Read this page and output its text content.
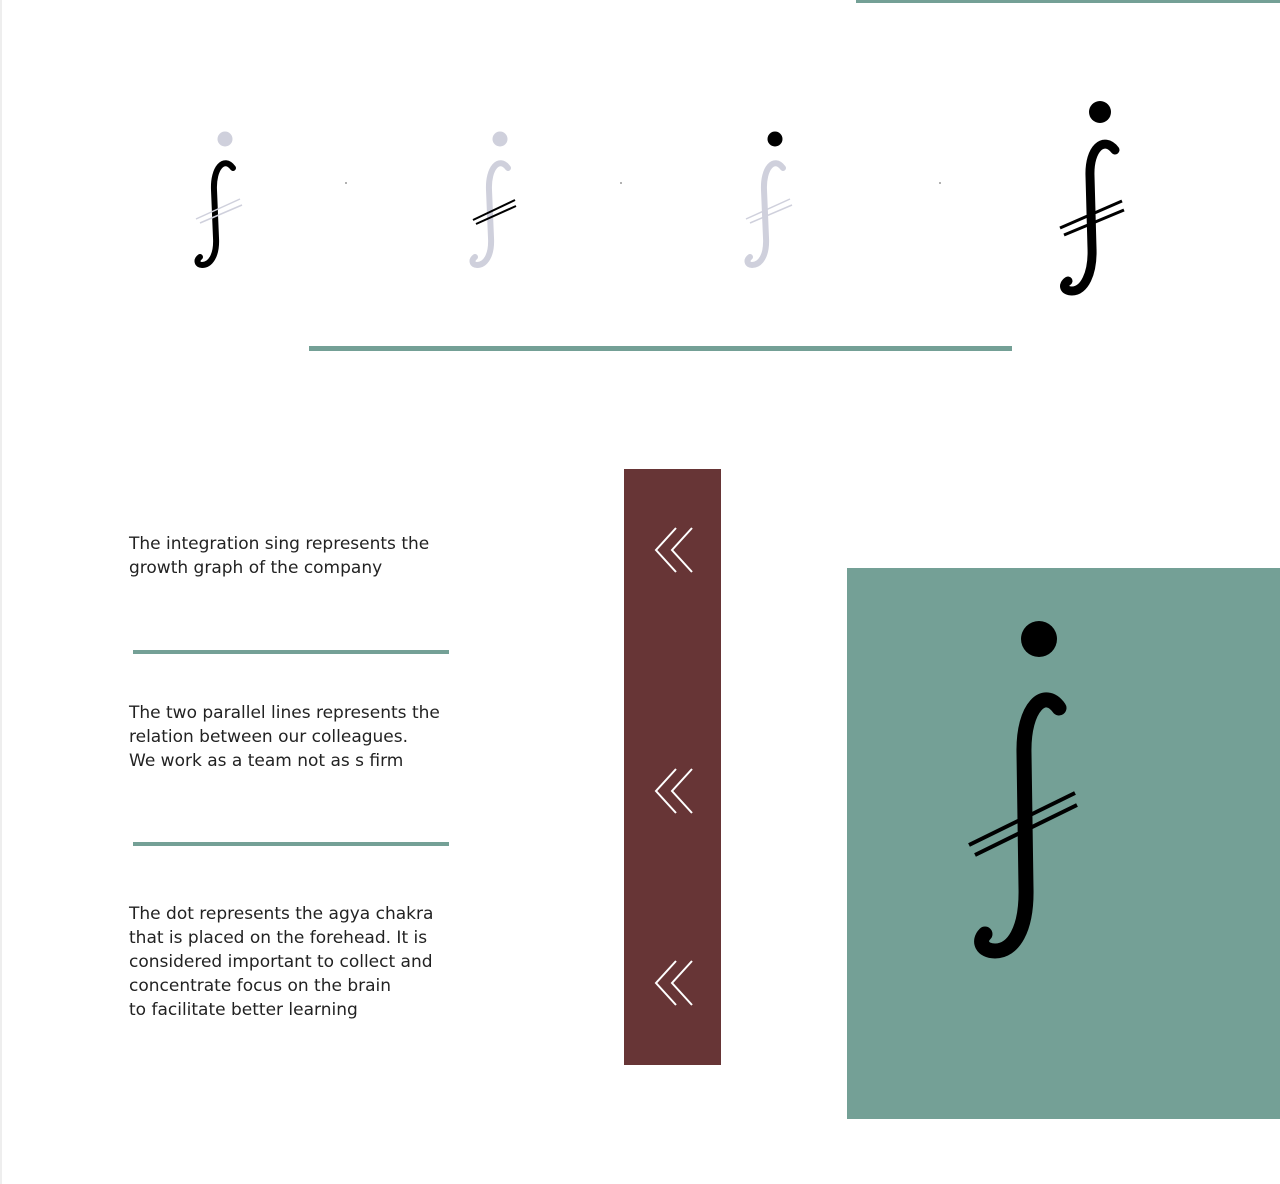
The integration sing represents the
growth graph of the company

The two parallel lines represents the
relation between our colleagues.
We work as a team not as s firm

The dot represents the agya chakra
that is placed on the forehead. It is
considered important to collect and
concentrate focus on the brain
to facilitate better learning
